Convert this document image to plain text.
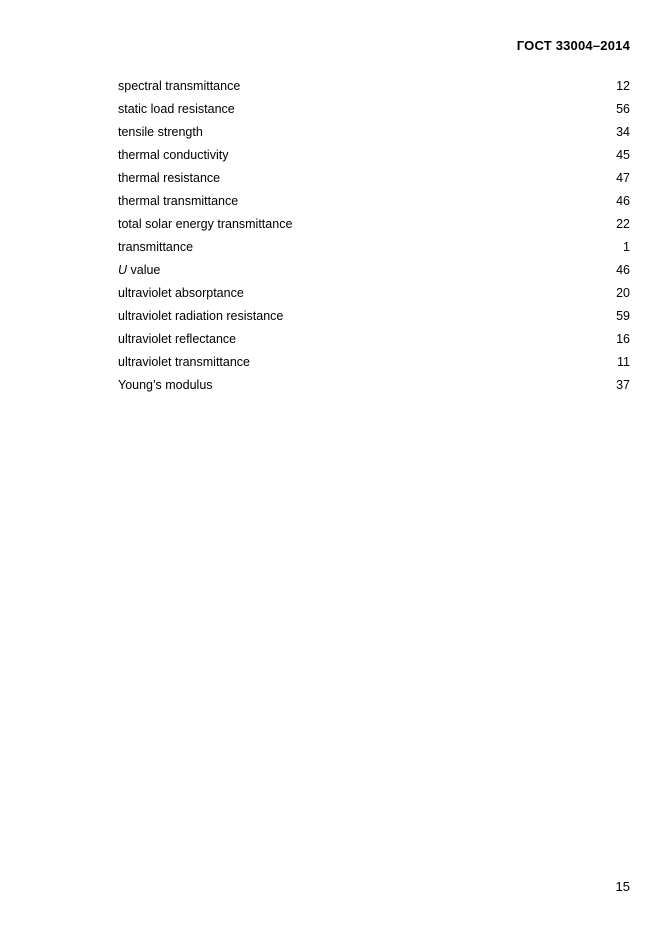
ГОСТ 33004–2014
spectral transmittance	12
static load resistance	56
tensile strength	34
thermal conductivity	45
thermal resistance	47
thermal transmittance	46
total solar energy transmittance	22
transmittance	1
U value	46
ultraviolet absorptance	20
ultraviolet radiation resistance	59
ultraviolet reflectance	16
ultraviolet transmittance	11
Young’s modulus	37
15
